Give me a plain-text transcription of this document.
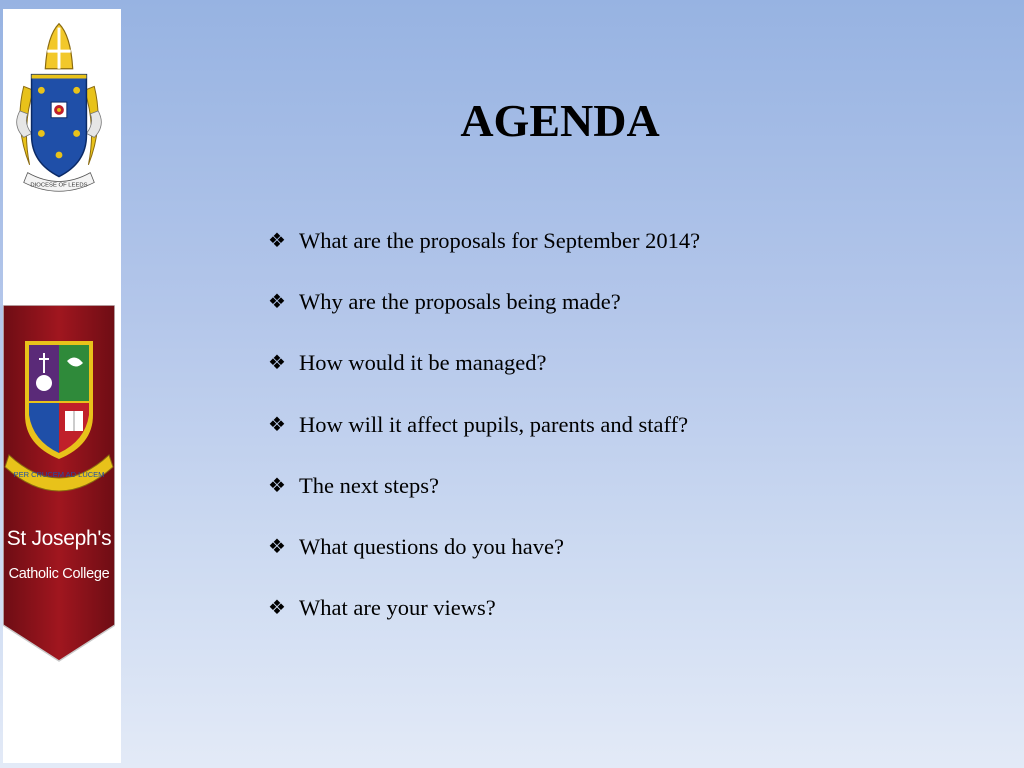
DIOCESE OF LEEDS
PER CRUCEM AD LUCEM
St Joseph's
Catholic College
AGENDA
❖ What are the proposals for September 2014?
❖ Why are the proposals being made?
❖ How would it be managed?
❖ How will it affect pupils, parents and staff?
❖ The next steps?
❖ What questions do you have?
❖ What are your views?
